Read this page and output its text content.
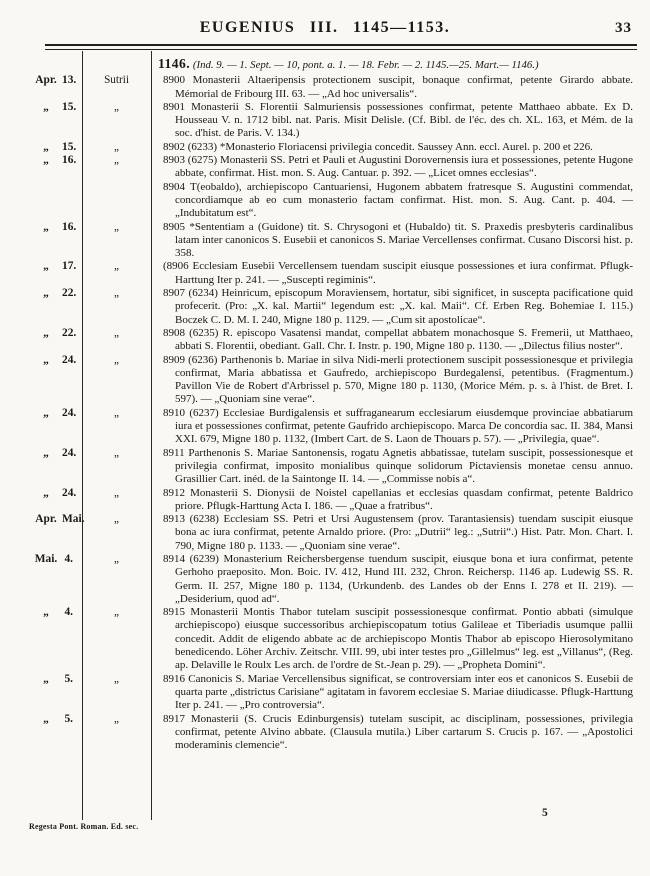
EUGENIUS III. 1145—1153.	33

1146. (Ind. 9. — 1. Sept. — 10, pont. a. 1. — 18. Febr. — 2. 1145.—25. Mart.— 1146.)

Apr. 13.	Sutrii	8900 Monasterii Altaeripensis protectionem suscipit, bonaque confirmat, petente Girardo abbate. Mémorial de Fribourg III. 63. — „Ad hoc universalis“.

„	15.	„	8901 Monasterii S. Florentii Salmuriensis possessiones confirmat, petente Matthaeo abbate. Ex D. Housseau V. n. 1712 bibl. nat. Paris. Misit Delisle. (Cf. Bibl. de l'éc. des ch. XL. 163, et Mém. de la soc. d'hist. de Paris. V. 134.)

„	15.	„	8902 (6233) *Monasterio Floriacensi privilegia concedit. Saussey Ann. eccl. Aurel. p. 200 et 226.

„	16.	„	8903 (6275) Monasterii SS. Petri et Pauli et Augustini Dorovernensis iura et possessiones, petente Hugone abbate, confirmat. Hist. mon. S. Aug. Cantuar. p. 392. — „Licet omnes ecclesias“.

8904 T(eobaldo), archiepiscopo Cantuariensi, Hugonem abbatem fratresque S. Augustini commendat, concordiamque ab eo cum monasterio factam confirmat. Hist. mon. S. Aug. Cant. p. 404. — „Indubitatum est“.

„	16.	„	8905 *Sententiam a (Guidone) tit. S. Chrysogoni et (Hubaldo) tit. S. Praxedis presbyteris cardinalibus latam inter canonicos S. Eusebii et canonicos S. Mariae Vercellenses confirmat. Cusano Discorsi hist. p. 358.

„	17.	„	(8906 Ecclesiam Eusebii Vercellensem tuendam suscipit eiusque possessiones et iura confirmat. Pflugk-Harttung Iter p. 241. — „Suscepti regiminis“.

„	22.	„	8907 (6234) Heinricum, episcopum Moraviensem, hortatur, sibi significet, in suscepta pacificatione quid profecerit. (Pro: „X. kal. Martii“ legendum est: „X. kal. Maii“. Cf. Erben Reg. Bohemiae I. 115.) Boczek C. D. M. I. 240, Migne 180 p. 1129. — „Cum sit apostolicae“.

„	22.	„	8908 (6235) R. episcopo Vasatensi mandat, compellat abbatem monachosque S. Fremerii, ut Matthaeo, abbati S. Florentii, obediant. Gall. Chr. I. Instr. p. 190, Migne 180 p. 1130. — „Dilectus filius noster“.

„	24.	„	8909 (6236) Parthenonis b. Mariae in silva Nidi-merli protectionem suscipit possessionesque et privilegia confirmat, Maria abbatissa et Gaufredo, archiepiscopo Burdegalensi, petentibus. (Fragmentum.) Pavillon Vie de Robert d'Arbrissel p. 570, Migne 180 p. 1130, (Morice Mém. p. s. à l'hist. de Bret. I. 597). — „Quoniam sine verae“.

„	24.	„	8910 (6237) Ecclesiae Burdigalensis et suffraganearum ecclesiarum eiusdemque provinciae abbatiarum iura et possessiones confirmat, petente Gaufrido archiepiscopo. Marca De concordia sac. II. 384, Mansi XXI. 679, Migne 180 p. 1132, (Imbert Cart. de S. Laon de Thouars p. 57). — „Privilegia, quae“.

„	24.	„	8911 Parthenonis S. Mariae Santonensis, rogatu Agnetis abbatissae, tutelam suscipit, possessionesque et privilegia confirmat, imposito monialibus quinque solidorum Pictaviensis monetae censu annuo. Grasillier Cart. inéd. de la Saintonge II. 14. — „Commisse nobis a“.

„	24.	„	8912 Monasterii S. Dionysii de Noistel capellanias et ecclesias quasdam confirmat, petente Baldrico priore. Pflugk-Harttung Acta I. 186. — „Quae a fratribus“.

Apr. Mai.	„	8913 (6238) Ecclesiam SS. Petri et Ursi Augustensem (prov. Tarantasiensis) tuendam suscipit eiusque bona ac iura confirmat, petente Arnaldo priore. (Pro: „Dutrii“ leg.: „Sutrii“.) Hist. Patr. Mon. Chart. I. 790, Migne 180 p. 1133. — „Quoniam sine verae“.

Mai. 4.	„	8914 (6239) Monasterium Reichersbergense tuendum suscipit, eiusque bona et iura confirmat, petente Gerhoho praeposito. Mon. Boic. IV. 412, Hund III. 232, Chron. Reichersp. 1146 ap. Ludewig SS. R. Germ. II. 257, Migne 180 p. 1134, (Urkundenb. des Landes ob der Enns I. 278 et II. 219). — „Desiderium, quod ad“.

„	4.	„	8915 Monasterii Montis Thabor tutelam suscipit possessionesque confirmat. Pontio abbati (simulque archiepiscopo) eiusque successoribus archiepiscopatum totius Galileae et Tiberiadis usumque pallii concedit. Addit de eligendo abbate ac de archiepiscopo Montis Thabor ab episcopo Hierosolymitano benedicendo. Löher Archiv. Zeitschr. VIII. 99, ubi inter testes pro „Gillelmus“ leg. est „Villanus“, (Reg. ap. Delaville le Roulx Les arch. de l'ordre de St.-Jean p. 29). — „Propheta Domini“.

„	5.	„	8916 Canonicis S. Mariae Vercellensibus significat, se controversiam inter eos et canonicos S. Eusebii de quarta parte „districtus Carisiane“ agitatam in favorem ecclesiae S. Mariae diiudicasse. Pflugk-Harttung Iter p. 241. — „Pro controversia“.

„	5.	„	8917 Monasterii (S. Crucis Edinburgensis) tutelam suscipit, ac disciplinam, possessiones, privilegia confirmat, petente Alvino abbate. (Clausula mutila.) Liber cartarum S. Crucis p. 167. — „Apostolici moderaminis clemencie“.

Regesta Pont. Roman. Ed. sec.
5
